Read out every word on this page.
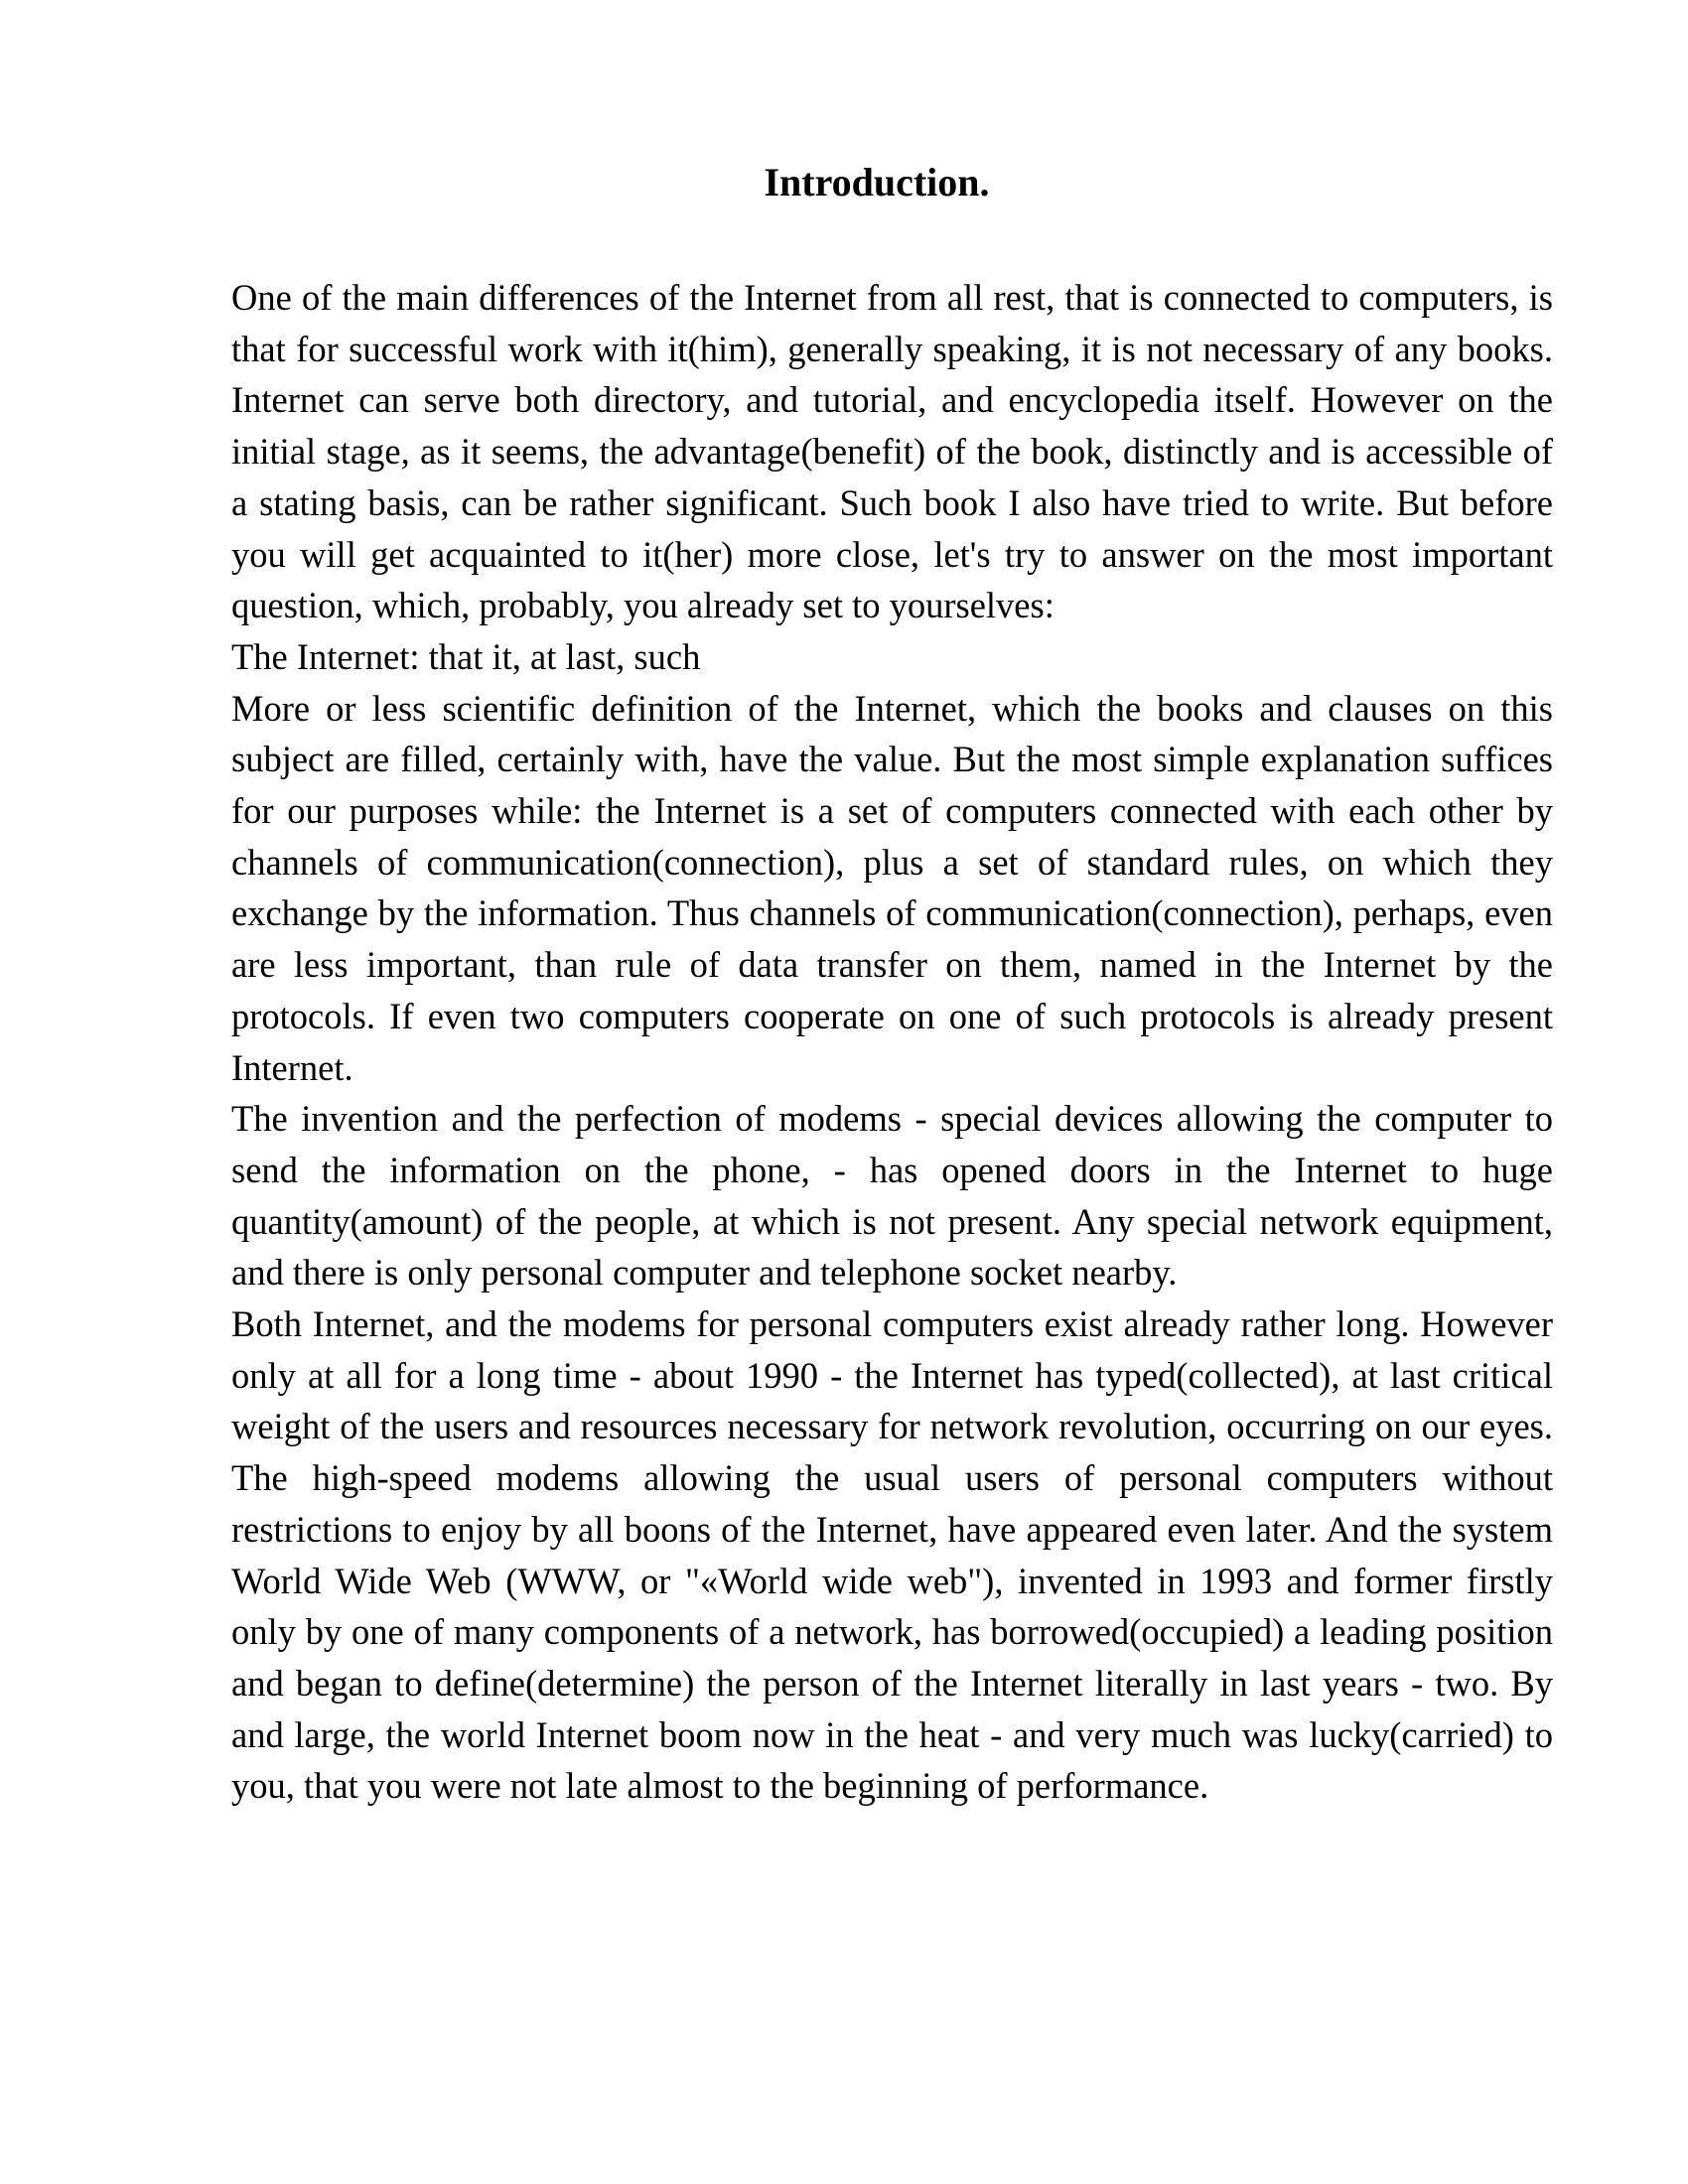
Introduction.

One of the main differences of the Internet from all rest, that is connected to computers, is that for successful work with it(him), generally speaking, it is not necessary of any books. Internet can serve both directory, and tutorial, and encyclopedia itself. However on the initial stage, as it seems, the advantage(benefit) of the book, distinctly and is accessible of a stating basis, can be rather significant. Such book I also have tried to write. But before you will get acquainted to it(her) more close, let's try to answer on the most important question, which, probably, you already set to yourselves:

The Internet: that it, at last, such

More or less scientific definition of the Internet, which the books and clauses on this subject are filled, certainly with, have the value. But the most simple explanation suffices for our purposes while: the Internet is a set of computers connected with each other by channels of communication(connection), plus a set of standard rules, on which they exchange by the information. Thus channels of communication(connection), perhaps, even are less important, than rule of data transfer on them, named in the Internet by the protocols. If even two computers cooperate on one of such protocols is already present Internet.

The invention and the perfection of modems - special devices allowing the computer to send the information on the phone, - has opened doors in the Internet to huge quantity(amount) of the people, at which is not present. Any special network equipment, and there is only personal computer and telephone socket nearby.

Both Internet, and the modems for personal computers exist already rather long. However only at all for a long time - about 1990 - the Internet has typed(collected), at last critical weight of the users and resources necessary for network revolution, occurring on our eyes. The high-speed modems allowing the usual users of personal computers without restrictions to enjoy by all boons of the Internet, have appeared even later. And the system World Wide Web (WWW, or "«World wide web"), invented in 1993 and former firstly only by one of many components of a network, has borrowed(occupied) a leading position and began to define(determine) the person of the Internet literally in last years - two. By and large, the world Internet boom now in the heat - and very much was lucky(carried) to you, that you were not late almost to the beginning of performance.
